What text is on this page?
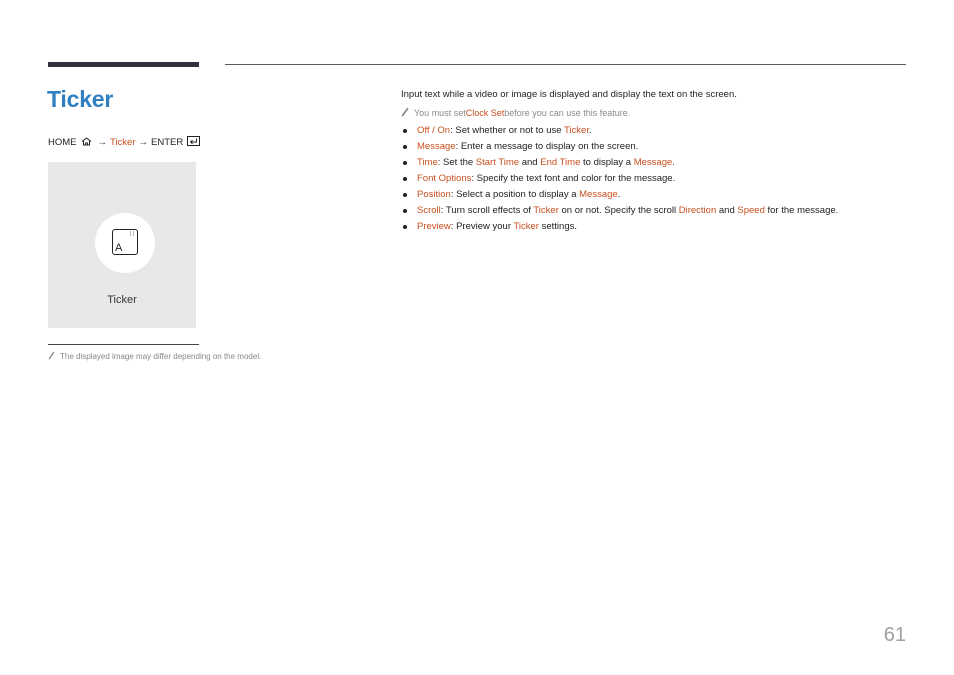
Ticker
HOME → Ticker → ENTER
| |
A
Ticker
The displayed image may differ depending on the model.

Input text while a video or image is displayed and display the text on the screen.

You must set Clock Set before you can use this feature.
Off / On: Set whether or not to use Ticker.
Message: Enter a message to display on the screen.
Time: Set the Start Time and End Time to display a Message.
Font Options: Specify the text font and color for the message.
Position: Select a position to display a Message.
Scroll: Turn scroll effects of Ticker on or not. Specify the scroll Direction and Speed for the message.
Preview: Preview your Ticker settings.
61
